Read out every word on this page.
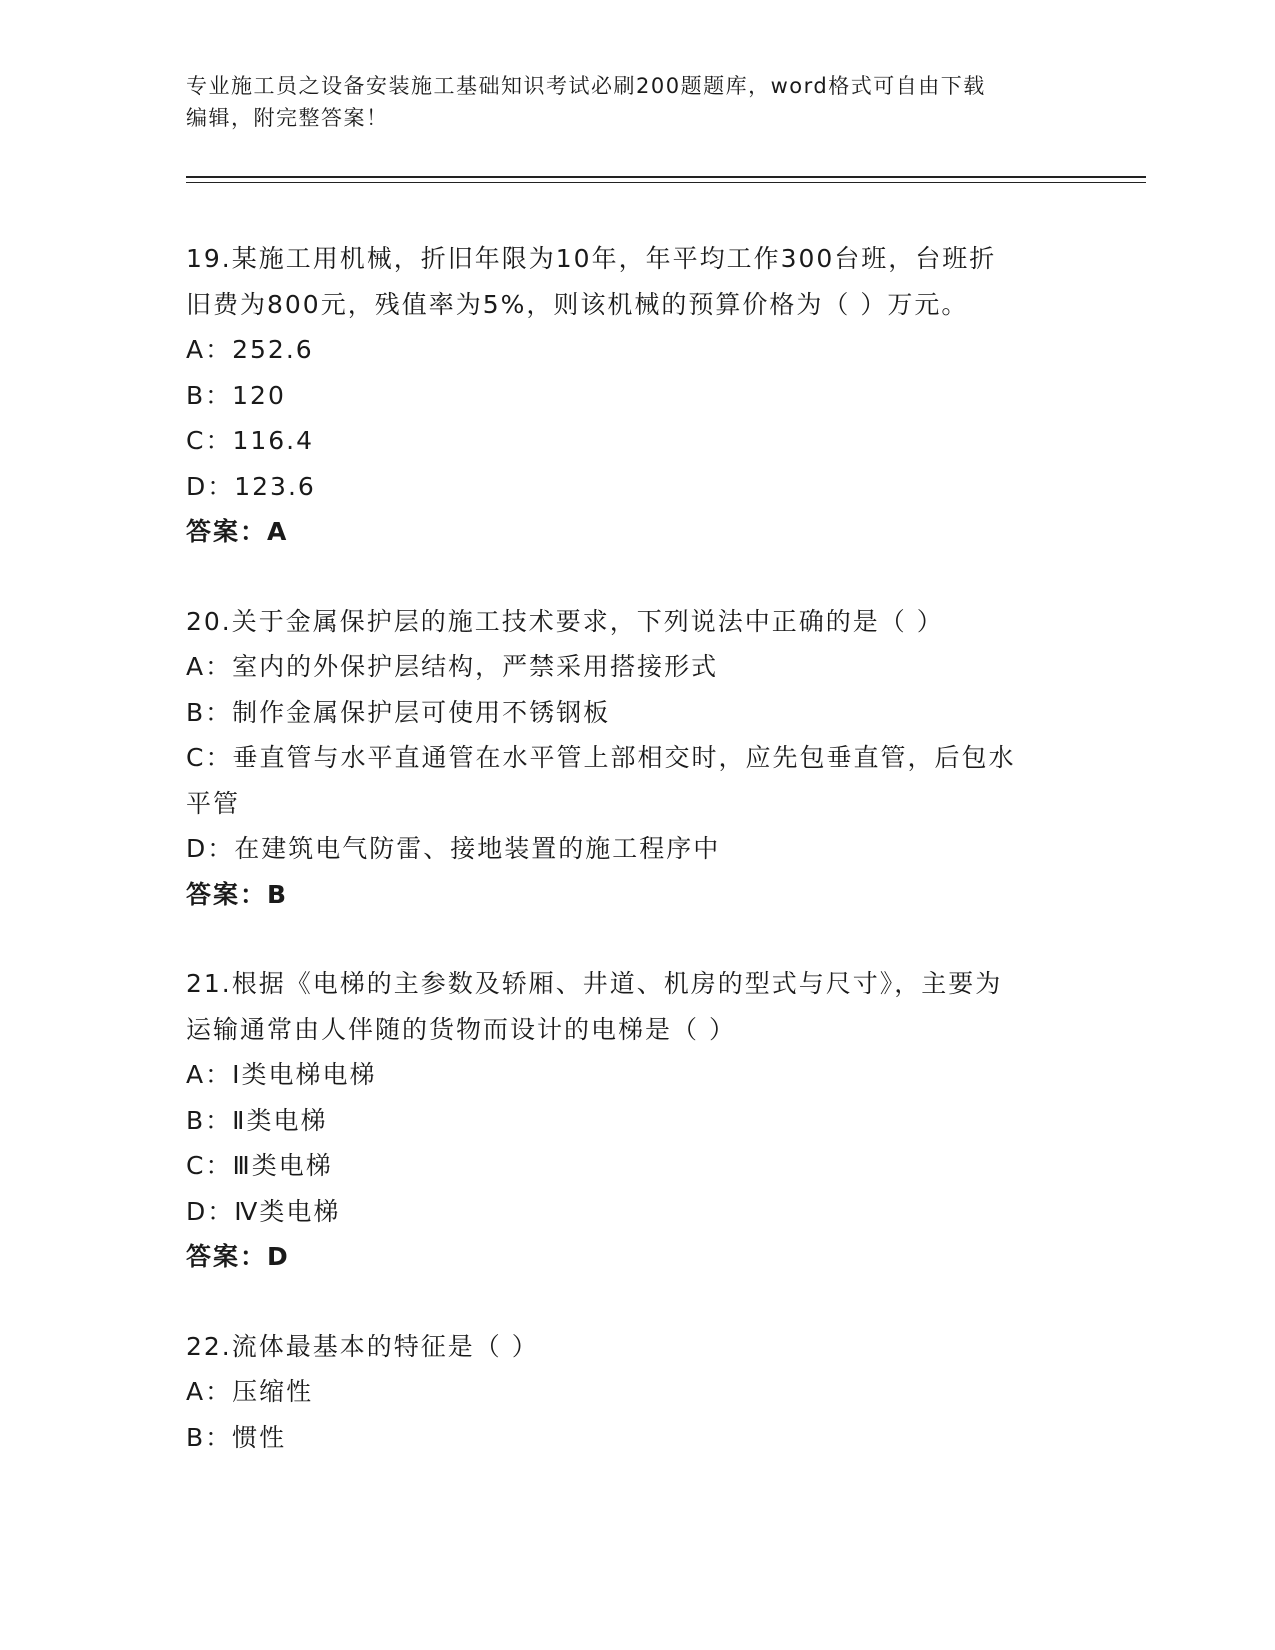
专业施工员之设备安装施工基础知识考试必刷200题题库，word格式可自由下载
编辑，附完整答案！
19.某施工用机械，折旧年限为10年，年平均工作300台班，台班折
旧费为800元，残值率为5%，则该机械的预算价格为（ ）万元。
A：252.6
B：120
C：116.4
D：123.6
答案：A
20.关于金属保护层的施工技术要求，下列说法中正确的是（ ）
A：室内的外保护层结构，严禁采用搭接形式
B：制作金属保护层可使用不锈钢板
C：垂直管与水平直通管在水平管上部相交时，应先包垂直管，后包水
平管
D：在建筑电气防雷、接地装置的施工程序中
答案：B
21.根据《电梯的主参数及轿厢、井道、机房的型式与尺寸》，主要为
运输通常由人伴随的货物而设计的电梯是（ ）
A：Ⅰ类电梯电梯
B：Ⅱ类电梯
C：Ⅲ类电梯
D：Ⅳ类电梯
答案：D
22.流体最基本的特征是（ ）
A：压缩性
B：惯性
